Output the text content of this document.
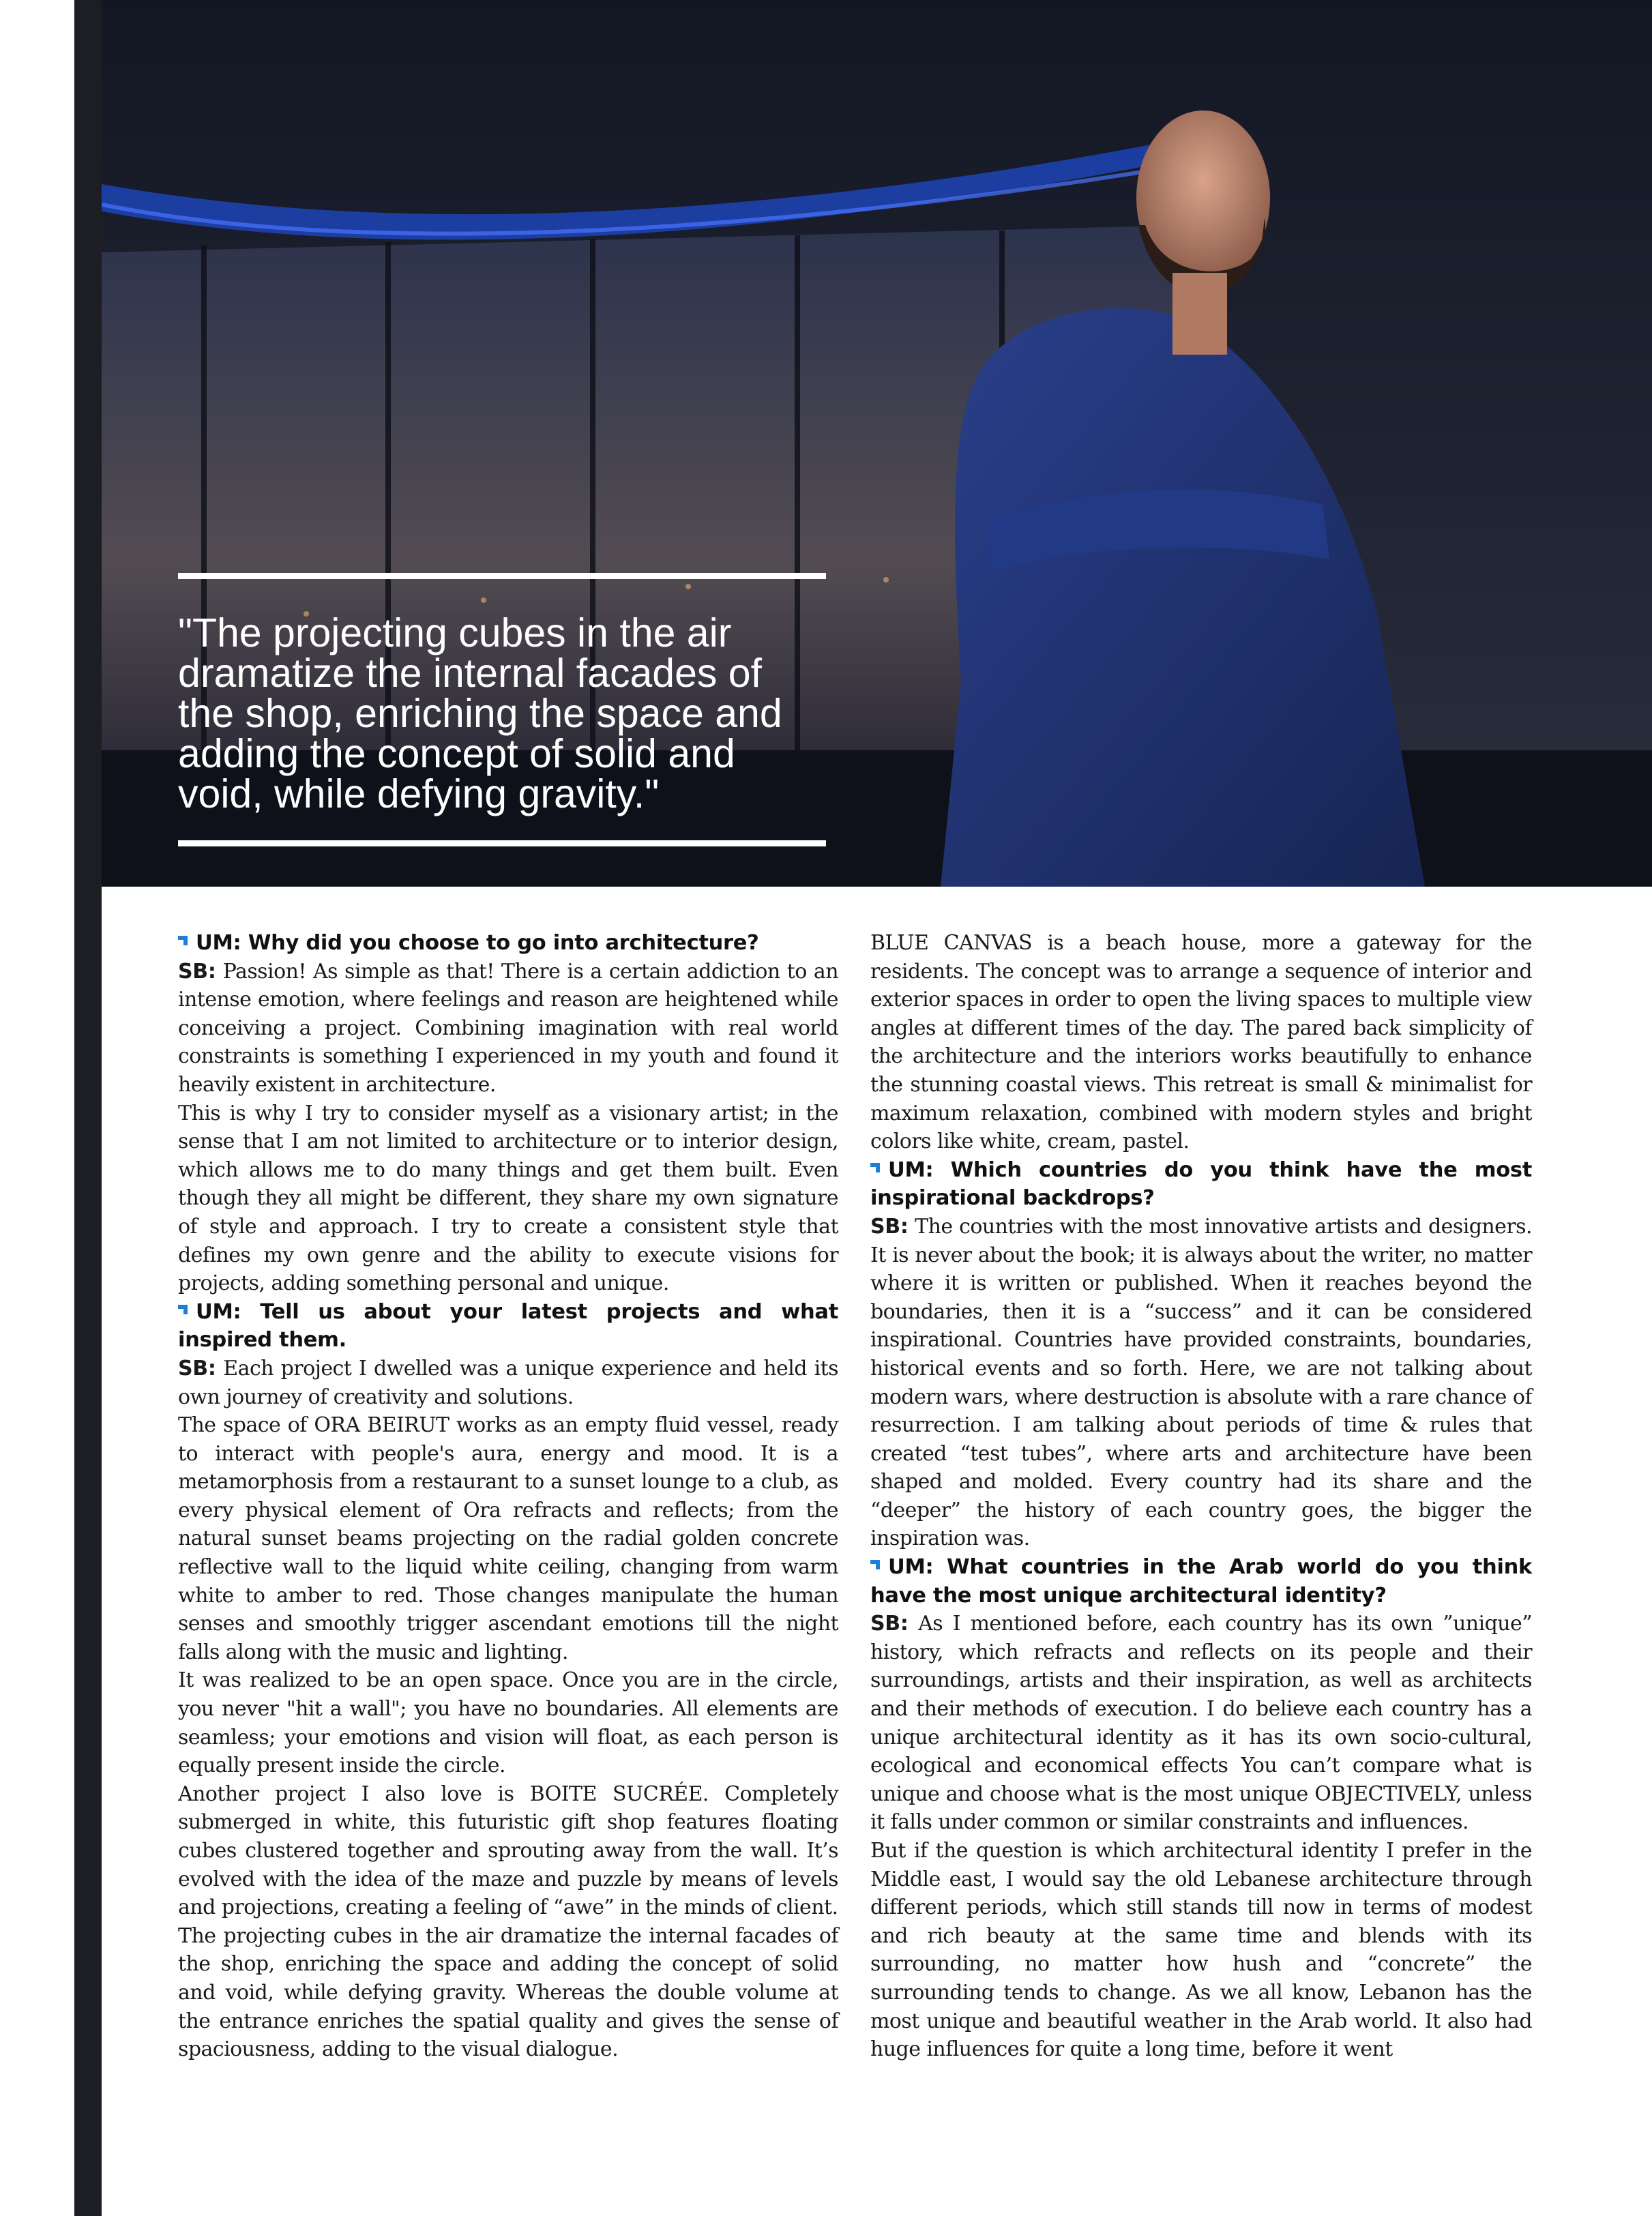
"The projecting cubes in the air dramatize the internal facades of the shop, enriching the space and adding the concept of solid and void, while defying gravity."

UM: Why did you choose to go into architecture?

SB: Passion! As simple as that! There is a certain addiction to an intense emotion, where feelings and reason are heightened while conceiving a project. Combining imagination with real world constraints is something I experienced in my youth and found it heavily existent in architecture.

This is why I try to consider myself as a visionary artist; in the sense that I am not limited to architecture or to interior design, which allows me to do many things and get them built. Even though they all might be different, they share my own signature of style and approach. I try to create a consistent style that defines my own genre and the ability to execute visions for projects, adding something personal and unique.

UM: Tell us about your latest projects and what inspired them.

SB: Each project I dwelled was a unique experience and held its own journey of creativity and solutions.

The space of ORA BEIRUT works as an empty fluid vessel, ready to interact with people's aura, energy and mood. It is a metamorphosis from a restaurant to a sunset lounge to a club, as every physical element of Ora refracts and reflects; from the natural sunset beams projecting on the radial golden concrete reflective wall to the liquid white ceiling, changing from warm white to amber to red. Those changes manipulate the human senses and smoothly trigger ascendant emotions till the night falls along with the music and lighting.

It was realized to be an open space. Once you are in the circle, you never "hit a wall"; you have no boundaries. All elements are seamless; your emotions and vision will float, as each person is equally present inside the circle.

Another project I also love is BOITE SUCRÉE. Completely submerged in white, this futuristic gift shop features floating cubes clustered together and sprouting away from the wall. It’s evolved with the idea of the maze and puzzle by means of levels and projections, creating a feeling of “awe” in the minds of client.

The projecting cubes in the air dramatize the internal facades of the shop, enriching the space and adding the concept of solid and void, while defying gravity. Whereas the double volume at the entrance enriches the spatial quality and gives the sense of spaciousness, adding to the visual dialogue.

BLUE CANVAS is a beach house, more a gateway for the residents. The concept was to arrange a sequence of interior and exterior spaces in order to open the living spaces to multiple view angles at different times of the day. The pared back simplicity of the architecture and the interiors works beautifully to enhance the stunning coastal views. This retreat is small & minimalist for maximum relaxation, combined with modern styles and bright colors like white, cream, pastel.

UM: Which countries do you think have the most inspirational backdrops?

SB: The countries with the most innovative artists and designers. It is never about the book; it is always about the writer, no matter where it is written or published. When it reaches beyond the boundaries, then it is a “success” and it can be considered inspirational. Countries have provided constraints, boundaries, historical events and so forth. Here, we are not talking about modern wars, where destruction is absolute with a rare chance of resurrection. I am talking about periods of time & rules that created “test tubes”, where arts and architecture have been shaped and molded. Every country had its share and the “deeper” the history of each country goes, the bigger the inspiration was.

UM: What countries in the Arab world do you think have the most unique architectural identity?

SB: As I mentioned before, each country has its own ”unique” history, which refracts and reflects on its people and their surroundings, artists and their inspiration, as well as architects and their methods of execution. I do believe each country has a unique architectural identity as it has its own socio-cultural, ecological and economical effects You can’t compare what is unique and choose what is the most unique OBJECTIVELY, unless it falls under common or similar constraints and influences.

But if the question is which architectural identity I prefer in the Middle east, I would say the old Lebanese architecture through different periods, which still stands till now in terms of modest and rich beauty at the same time and blends with its surrounding, no matter how hush and “concrete” the surrounding tends to change. As we all know, Lebanon has the most unique and beautiful weather in the Arab world. It also had huge influences for quite a long time, before it went
